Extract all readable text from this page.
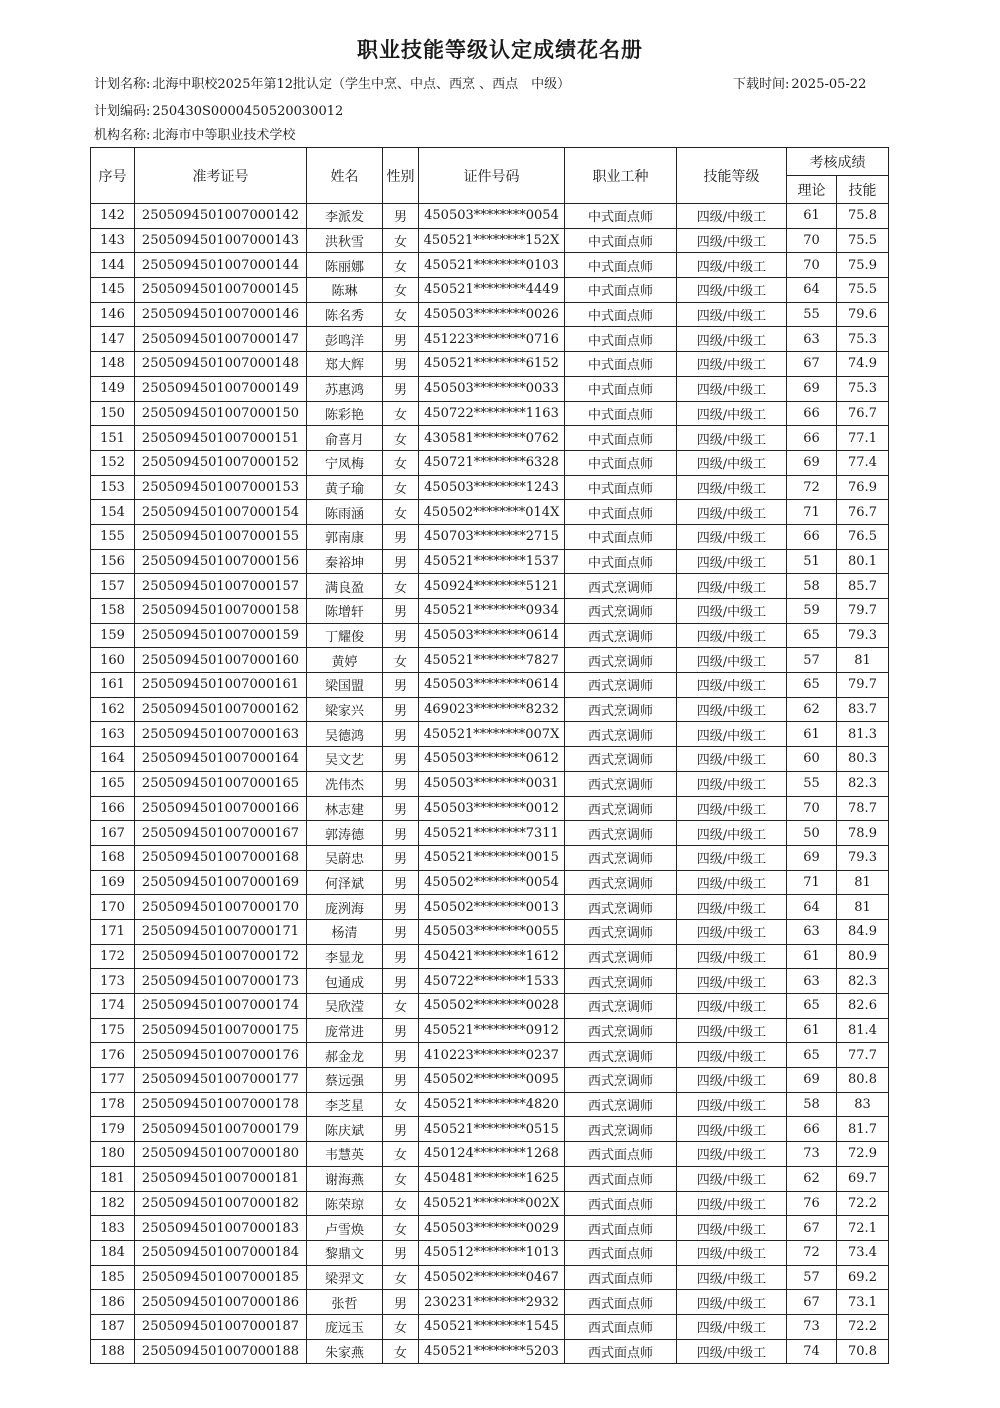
职业技能等级认定成绩花名册
计划名称: 北海中职校2025年第12批认定（学生中烹、中点、西烹 、西点　中级）	下载时间: 2025-05-22
计划编码: 250430S0000450520030012
机构名称: 北海市中等职业技术学校
序号	准考证号	姓名	性别	证件号码	职业工种	技能等级	考核成绩	
							理论	技能
142	2505094501007000142	李派发	男	450503********0054	中式面点师	四级/中级工	61	75.8
143	2505094501007000143	洪秋雪	女	450521********152X	中式面点师	四级/中级工	70	75.5
144	2505094501007000144	陈丽娜	女	450521********0103	中式面点师	四级/中级工	70	75.9
145	2505094501007000145	陈琳	女	450521********4449	中式面点师	四级/中级工	64	75.5
146	2505094501007000146	陈名秀	女	450503********0026	中式面点师	四级/中级工	55	79.6
147	2505094501007000147	彭鸣洋	男	451223********0716	中式面点师	四级/中级工	63	75.3
148	2505094501007000148	郑大辉	男	450521********6152	中式面点师	四级/中级工	67	74.9
149	2505094501007000149	苏惠鸿	男	450503********0033	中式面点师	四级/中级工	69	75.3
150	2505094501007000150	陈彩艳	女	450722********1163	中式面点师	四级/中级工	66	76.7
151	2505094501007000151	俞喜月	女	430581********0762	中式面点师	四级/中级工	66	77.1
152	2505094501007000152	宁凤梅	女	450721********6328	中式面点师	四级/中级工	69	77.4
153	2505094501007000153	黄子瑜	女	450503********1243	中式面点师	四级/中级工	72	76.9
154	2505094501007000154	陈雨涵	女	450502********014X	中式面点师	四级/中级工	71	76.7
155	2505094501007000155	郭南康	男	450703********2715	中式面点师	四级/中级工	66	76.5
156	2505094501007000156	秦裕坤	男	450521********1537	中式面点师	四级/中级工	51	80.1
157	2505094501007000157	满良盈	女	450924********5121	西式烹调师	四级/中级工	58	85.7
158	2505094501007000158	陈增轩	男	450521********0934	西式烹调师	四级/中级工	59	79.7
159	2505094501007000159	丁耀俊	男	450503********0614	西式烹调师	四级/中级工	65	79.3
160	2505094501007000160	黄婷	女	450521********7827	西式烹调师	四级/中级工	57	81
161	2505094501007000161	梁国盟	男	450503********0614	西式烹调师	四级/中级工	65	79.7
162	2505094501007000162	梁家兴	男	469023********8232	西式烹调师	四级/中级工	62	83.7
163	2505094501007000163	吴德鸿	男	450521********007X	西式烹调师	四级/中级工	61	81.3
164	2505094501007000164	吴文艺	男	450503********0612	西式烹调师	四级/中级工	60	80.3
165	2505094501007000165	冼伟杰	男	450503********0031	西式烹调师	四级/中级工	55	82.3
166	2505094501007000166	林志建	男	450503********0012	西式烹调师	四级/中级工	70	78.7
167	2505094501007000167	郭涛德	男	450521********7311	西式烹调师	四级/中级工	50	78.9
168	2505094501007000168	吴蔚忠	男	450521********0015	西式烹调师	四级/中级工	69	79.3
169	2505094501007000169	何泽斌	男	450502********0054	西式烹调师	四级/中级工	71	81
170	2505094501007000170	庞洌海	男	450502********0013	西式烹调师	四级/中级工	64	81
171	2505094501007000171	杨清	男	450503********0055	西式烹调师	四级/中级工	63	84.9
172	2505094501007000172	李显龙	男	450421********1612	西式烹调师	四级/中级工	61	80.9
173	2505094501007000173	包通成	男	450722********1533	西式烹调师	四级/中级工	63	82.3
174	2505094501007000174	吴欣滢	女	450502********0028	西式烹调师	四级/中级工	65	82.6
175	2505094501007000175	庞常进	男	450521********0912	西式烹调师	四级/中级工	61	81.4
176	2505094501007000176	郝金龙	男	410223********0237	西式烹调师	四级/中级工	65	77.7
177	2505094501007000177	蔡远强	男	450502********0095	西式烹调师	四级/中级工	69	80.8
178	2505094501007000178	李芝星	女	450521********4820	西式烹调师	四级/中级工	58	83
179	2505094501007000179	陈庆斌	男	450521********0515	西式烹调师	四级/中级工	66	81.7
180	2505094501007000180	韦慧英	女	450124********1268	西式面点师	四级/中级工	73	72.9
181	2505094501007000181	谢海燕	女	450481********1625	西式面点师	四级/中级工	62	69.7
182	2505094501007000182	陈荣琼	女	450521********002X	西式面点师	四级/中级工	76	72.2
183	2505094501007000183	卢雪焕	女	450503********0029	西式面点师	四级/中级工	67	72.1
184	2505094501007000184	黎鼎文	男	450512********1013	西式面点师	四级/中级工	72	73.4
185	2505094501007000185	梁羿文	女	450502********0467	西式面点师	四级/中级工	57	69.2
186	2505094501007000186	张哲	男	230231********2932	西式面点师	四级/中级工	67	73.1
187	2505094501007000187	庞远玉	女	450521********1545	西式面点师	四级/中级工	73	72.2
188	2505094501007000188	朱家燕	女	450521********5203	西式面点师	四级/中级工	74	70.8
